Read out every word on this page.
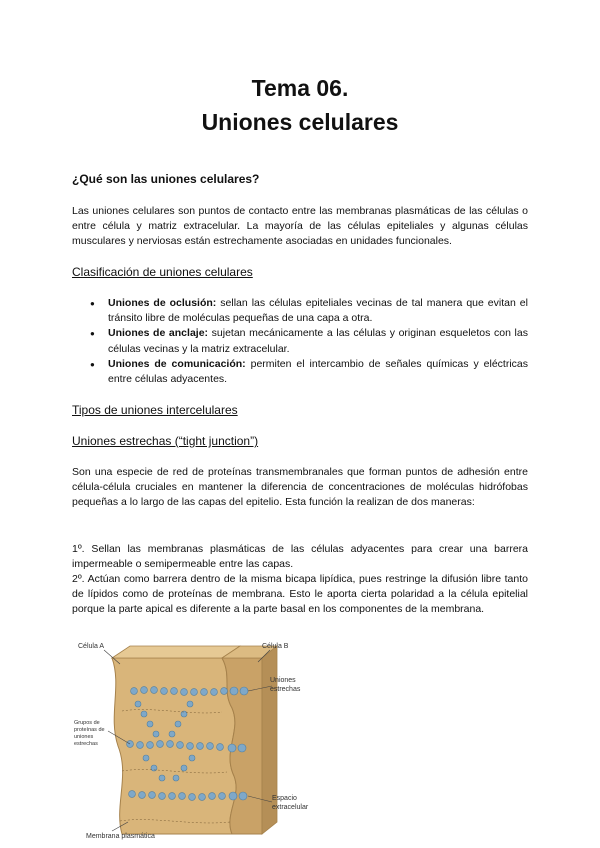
Tema 06.
Uniones celulares
¿Qué son las uniones celulares?

Las uniones celulares son puntos de contacto entre las membranas plasmáticas de las células o entre célula y matriz extracelular. La mayoría de las células epiteliales y algunas células musculares y nerviosas están estrechamente asociadas en unidades funcionales.

Clasificación de uniones celulares
● Uniones de oclusión: sellan las células epiteliales vecinas de tal manera que evitan el tránsito libre de moléculas pequeñas de una capa a otra.
● Uniones de anclaje: sujetan mecánicamente a las células y originan esqueletos con las células vecinas y la matriz extracelular.
● Uniones de comunicación: permiten el intercambio de señales químicas y eléctricas entre células adyacentes.
Tipos de uniones intercelulares
Uniones estrechas (“tight junction”)

Son una especie de red de proteínas transmembranales que forman puntos de adhesión entre célula-célula cruciales en mantener la diferencia de concentraciones de moléculas hidrófobas pequeñas a lo largo de las capas del epitelio. Esta función la realizan de dos maneras:

1º. Sellan las membranas plasmáticas de las células adyacentes para crear una barrera impermeable o semipermeable entre las capas.

2º. Actúan como barrera dentro de la misma bicapa lipídica, pues restringe la difusión libre tanto de lípidos como de proteínas de membrana. Esto le aporta cierta polaridad a la célula epitelial porque la parte apical es diferente a la parte basal en los componentes de la membrana.

Célula A	Célula B
Uniones
estrechas
Grupos de
proteínas de
uniones
estrechas
Espacio
extracelular
Membrana plasmática
